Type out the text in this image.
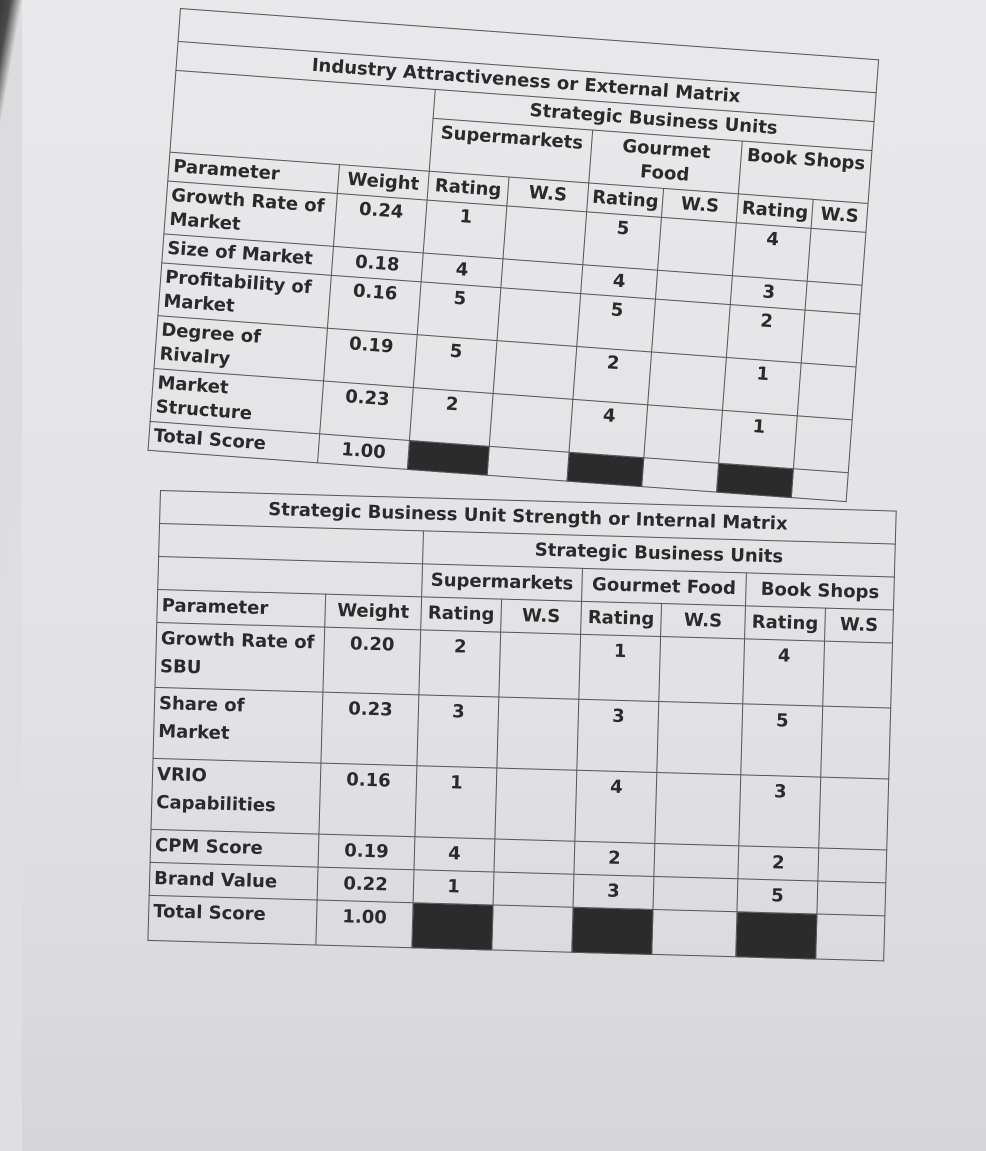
Industry Attractiveness or External Matrix							
		Strategic Business Units					
		Supermarkets		Gourmet Food		Book Shops	
Parameter	Weight	Rating	W.S	Rating	W.S	Rating	W.S
Growth Rate of Market	0.24	1		5		4	
Size of Market	0.18	4		4		3	
Profitability of Market	0.16	5		5		2	
Degree of Rivalry	0.19	5		2		1	
Market Structure	0.23	2		4		1	
Total Score	1.00						
Strategic Business Unit Strength or Internal Matrix							
		Strategic Business Units					
		Supermarkets		Gourmet Food		Book Shops	
Parameter	Weight	Rating	W.S	Rating	W.S	Rating	W.S
Growth Rate of SBU	0.20	2		1		4	
Share of Market	0.23	3		3		5	
VRIO Capabilities	0.16	1		4		3	
CPM Score	0.19	4		2		2	
Brand Value	0.22	1		3		5	
Total Score	1.00						
